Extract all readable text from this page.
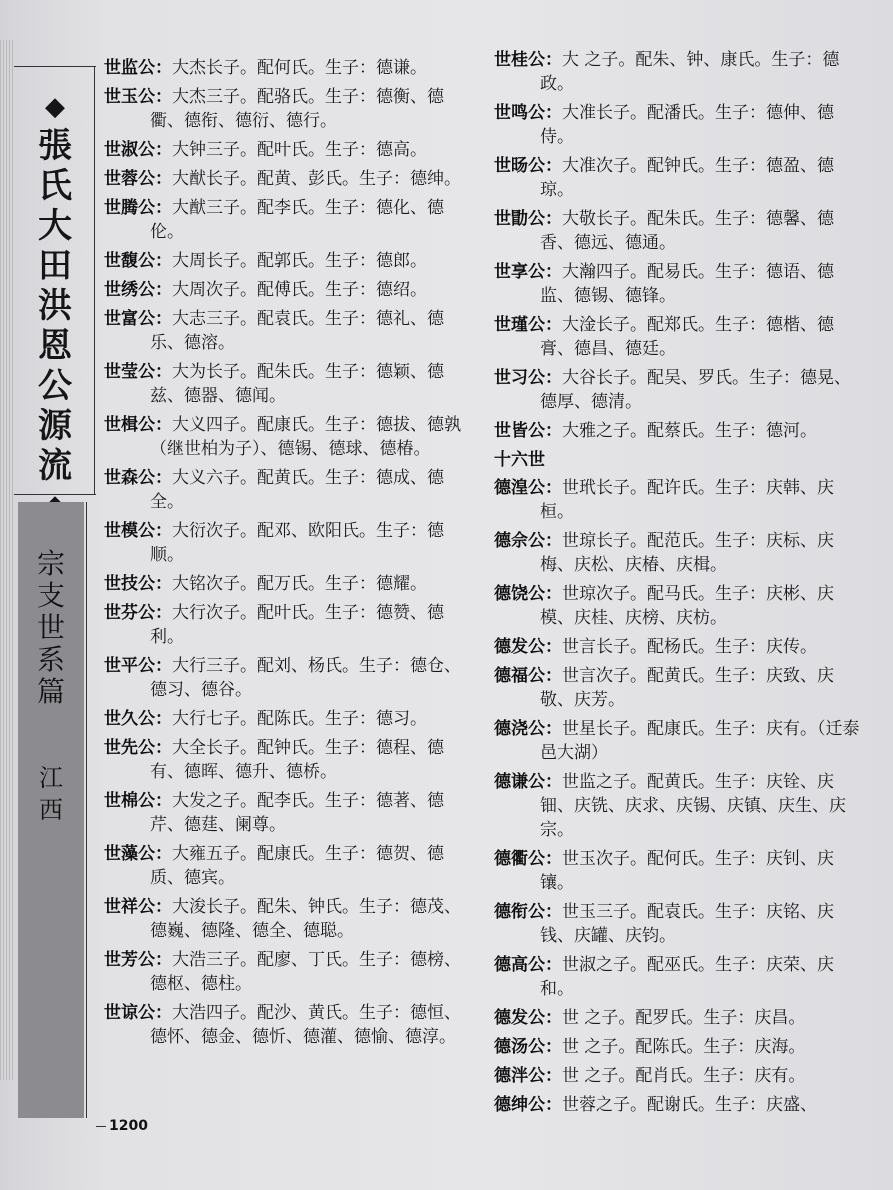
◆
張
氏
大
田
洪
恩
公
源
流
宗
支
世
系
篇
江
西
1200
世监公：大杰长子。配何氏。生子：德谦。
世玉公：大杰三子。配骆氏。生子：德衡、德衢、德衔、德衍、德行。
世淑公：大钟三子。配叶氏。生子：德高。
世蓉公：大猷长子。配黄、彭氏。生子：德绅。
世腾公：大猷三子。配李氏。生子：德化、德伦。
世馥公：大周长子。配郭氏。生子：德郎。
世绣公：大周次子。配傅氏。生子：德绍。
世富公：大志三子。配袁氏。生子：德礼、德乐、德溶。
世莹公：大为长子。配朱氏。生子：德颖、德兹、德器、德闻。
世楫公：大义四子。配康氏。生子：德拔、德孰（继世柏为子）、德锡、德球、德椿。
世森公：大义六子。配黄氏。生子：德成、德全。
世模公：大衍次子。配邓、欧阳氏。生子：德顺。
世技公：大铭次子。配万氏。生子：德耀。
世芬公：大行次子。配叶氏。生子：德赞、德利。
世平公：大行三子。配刘、杨氏。生子：德仓、德习、德谷。
世久公：大行七子。配陈氏。生子：德习。
世先公：大全长子。配钟氏。生子：德程、德有、德晖、德升、德桥。
世棉公：大发之子。配李氏。生子：德著、德芹、德莛、阑尊。
世藻公：大雍五子。配康氏。生子：德贺、德质、德宾。
世祥公：大浚长子。配朱、钟氏。生子：德茂、德巍、德隆、德全、德聪。
世芳公：大浩三子。配廖、丁氏。生子：德榜、德枢、德柱。
世谅公：大浩四子。配沙、黄氏。生子：德恒、德怀、德金、德忻、德灌、德愉、德淳。
世桂公：大 之子。配朱、钟、康氏。生子：德政。
世鸣公：大准长子。配潘氏。生子：德伸、德侍。
世旸公：大准次子。配钟氏。生子：德盈、德琼。
世勖公：大敬长子。配朱氏。生子：德馨、德香、德远、德通。
世享公：大瀚四子。配易氏。生子：德语、德监、德锡、德锋。
世瑾公：大淦长子。配郑氏。生子：德楷、德膏、德昌、德廷。
世习公：大谷长子。配吴、罗氏。生子：德晃、德厚、德清。
世皆公：大雅之子。配蔡氏。生子：德河。
十六世
德湟公：世玳长子。配许氏。生子：庆韩、庆桓。
德佘公：世琼长子。配范氏。生子：庆标、庆梅、庆松、庆椿、庆楫。
德饶公：世琼次子。配马氏。生子：庆彬、庆模、庆桂、庆榜、庆枋。
德发公：世言长子。配杨氏。生子：庆传。
德福公：世言次子。配黄氏。生子：庆致、庆敬、庆芳。
德浇公：世星长子。配康氏。生子：庆有。（迁泰邑大湖）
德谦公：世监之子。配黄氏。生子：庆铨、庆钿、庆铣、庆求、庆锡、庆镇、庆生、庆宗。
德衢公：世玉次子。配何氏。生子：庆钊、庆镶。
德衔公：世玉三子。配袁氏。生子：庆铭、庆钱、庆罐、庆钧。
德高公：世淑之子。配巫氏。生子：庆荣、庆和。
德发公：世 之子。配罗氏。生子：庆昌。
德汤公：世 之子。配陈氏。生子：庆海。
德泮公：世 之子。配肖氏。生子：庆有。
德绅公：世蓉之子。配谢氏。生子：庆盛、
